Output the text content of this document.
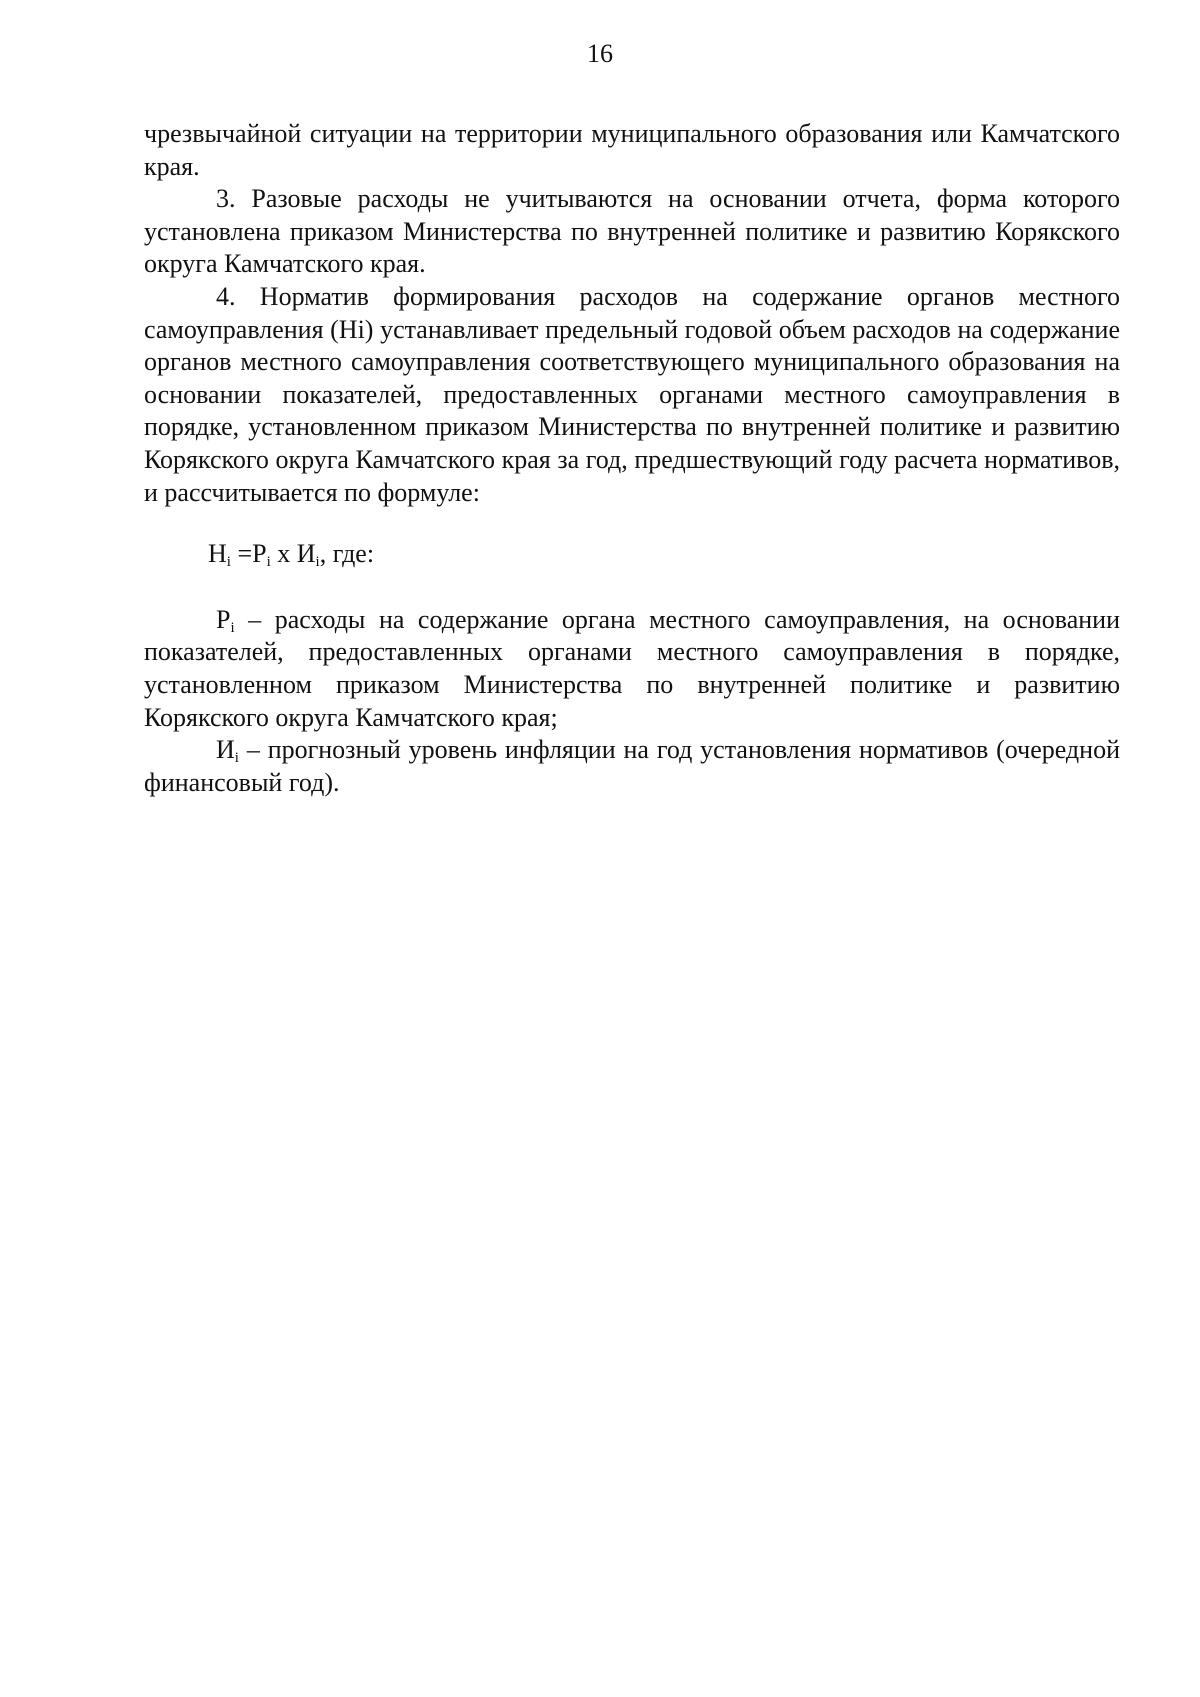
16

чрезвычайной ситуации на территории муниципального образования или Камчатского края.

3. Разовые расходы не учитываются на основании отчета, форма которого установлена приказом Министерства по внутренней политике и развитию Корякского округа Камчатского края.

4. Норматив формирования расходов на содержание органов местного самоуправления (Нi) устанавливает предельный годовой объем расходов на содержание органов местного самоуправления соответствующего муниципального образования на основании показателей, предоставленных органами местного самоуправления в порядке, установленном приказом Министерства по внутренней политике и развитию Корякского округа Камчатского края за год, предшествующий году расчета нормативов, и рассчитывается по формуле:

$Н_i =Р_i$ х $И_i$, где:

$Р_i$ – расходы на содержание органа местного самоуправления, на основании показателей, предоставленных органами местного самоуправления в порядке, установленном приказом Министерства по внутренней политике и развитию Корякского округа Камчатского края;

$И_i$ – прогнозный уровень инфляции на год установления нормативов (очередной финансовый год).
